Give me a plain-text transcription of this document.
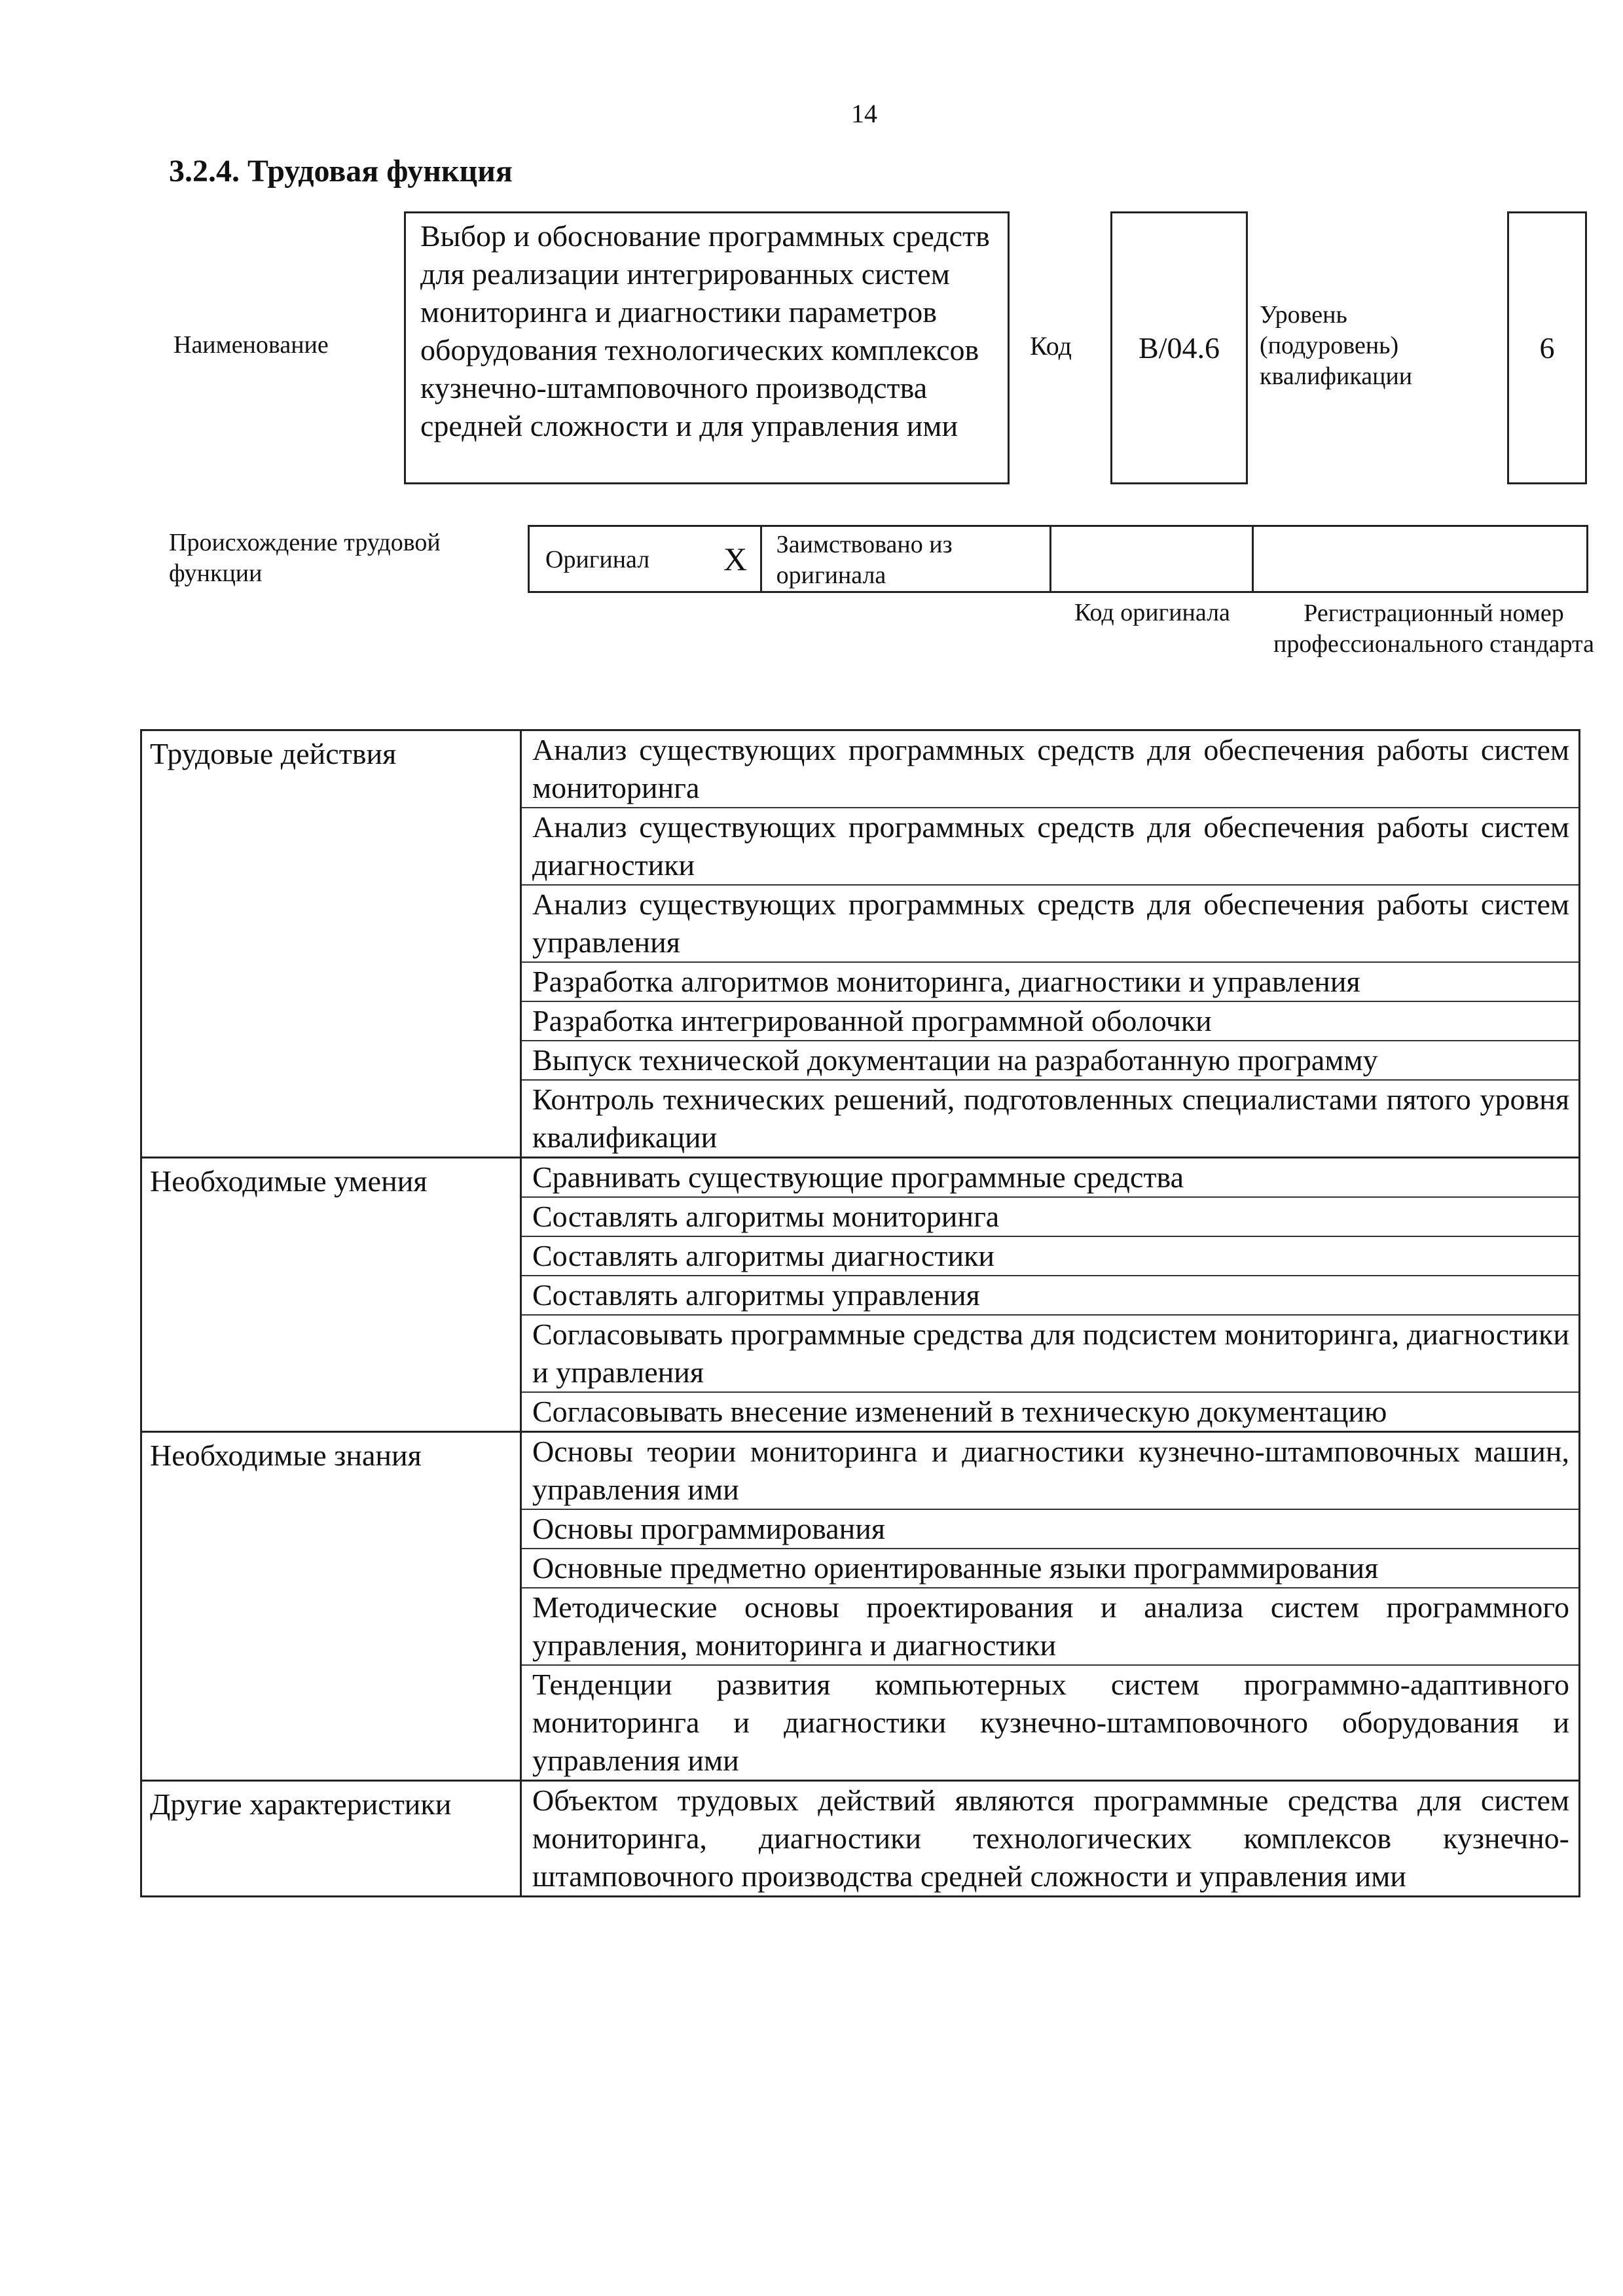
14
3.2.4. Трудовая функция
Наименование
Выбор и обоснование программных средств для реализации интегрированных систем мониторинга и диагностики параметров оборудования технологических комплексов кузнечно-штамповочного производства средней сложности и для управления ими
Код B/04.6
Уровень (подуровень) квалификации
6
Происхождение трудовой функции	Оригинал X	Заимствовано из оригинала
Код оригинала	Регистрационный номер профессионального стандарта
Трудовые действия	Анализ существующих программных средств для обеспечения работы систем мониторинга
Анализ существующих программных средств для обеспечения работы систем диагностики
Анализ существующих программных средств для обеспечения работы систем управления
Разработка алгоритмов мониторинга, диагностики и управления
Разработка интегрированной программной оболочки
Выпуск технической документации на разработанную программу
Контроль технических решений, подготовленных специалистами пятого уровня квалификации
Необходимые умения	Сравнивать существующие программные средства
Составлять алгоритмы мониторинга
Составлять алгоритмы диагностики
Составлять алгоритмы управления
Согласовывать программные средства для подсистем мониторинга, диагностики и управления
Согласовывать внесение изменений в техническую документацию
Необходимые знания	Основы теории мониторинга и диагностики кузнечно-штамповочных машин, управления ими
Основы программирования
Основные предметно ориентированные языки программирования
Методические основы проектирования и анализа систем программного управления, мониторинга и диагностики
Тенденции развития компьютерных систем программно-адаптивного мониторинга и диагностики кузнечно-штамповочного оборудования и управления ими
Другие характеристики	Объектом трудовых действий являются программные средства для систем мониторинга, диагностики технологических комплексов кузнечно-штамповочного производства средней сложности и управления ими
